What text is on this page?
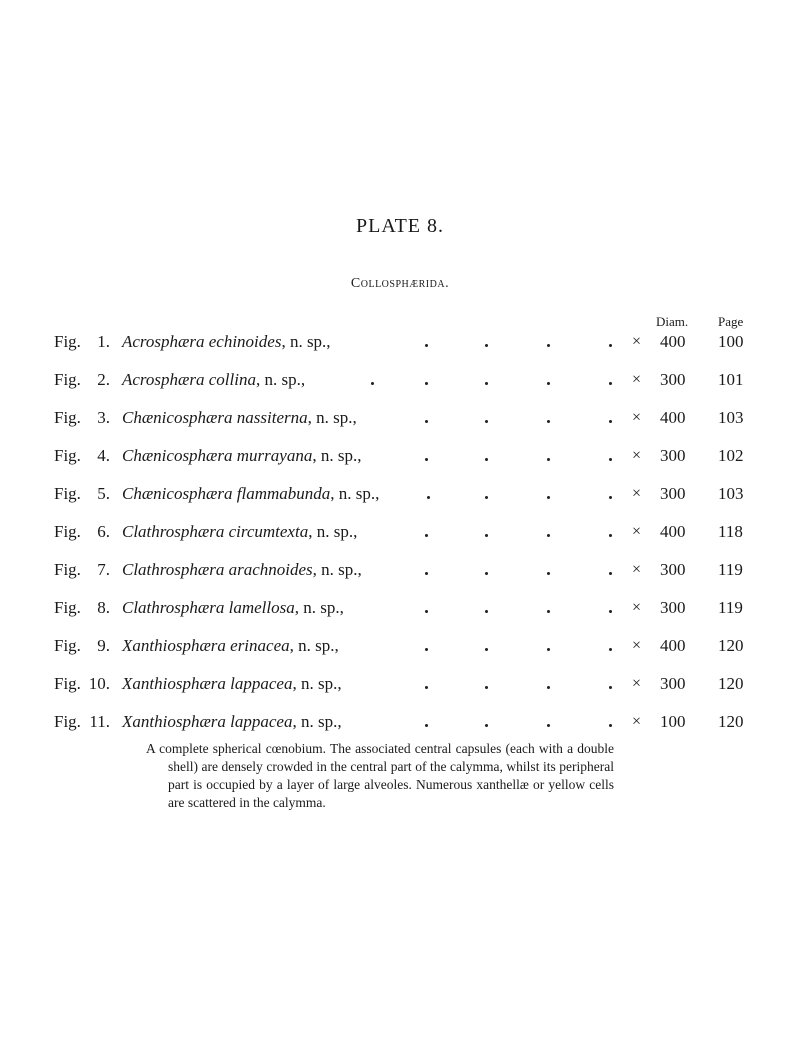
PLATE 8.
Collosphærida.
Diam. Page
Fig. 1. Acrosphæra echinoides, n. sp.,	× 400 100
Fig. 2. Acrosphæra collina, n. sp.,	× 300 101
Fig. 3. Chænicosphæra nassiterna, n. sp.,	× 400 103
Fig. 4. Chænicosphæra murrayana, n. sp.,	× 300 102
Fig. 5. Chænicosphæra flammabunda, n. sp.,	× 300 103
Fig. 6. Clathrosphæra circumtexta, n. sp.,	× 400 118
Fig. 7. Clathrosphæra arachnoides, n. sp.,	× 300 119
Fig. 8. Clathrosphæra lamellosa, n. sp.,	× 300 119
Fig. 9. Xanthiosphæra erinacea, n. sp.,	× 400 120
Fig. 10. Xanthiosphæra lappacea, n. sp.,	× 300 120
Fig. 11. Xanthiosphæra lappacea, n. sp.,	× 100 120
A complete spherical cœnobium. The associated central capsules (each with a double shell) are densely crowded in the central part of the calymma, whilst its peripheral part is occupied by a layer of large alveoles. Numerous xanthellæ or yellow cells are scattered in the calymma.
